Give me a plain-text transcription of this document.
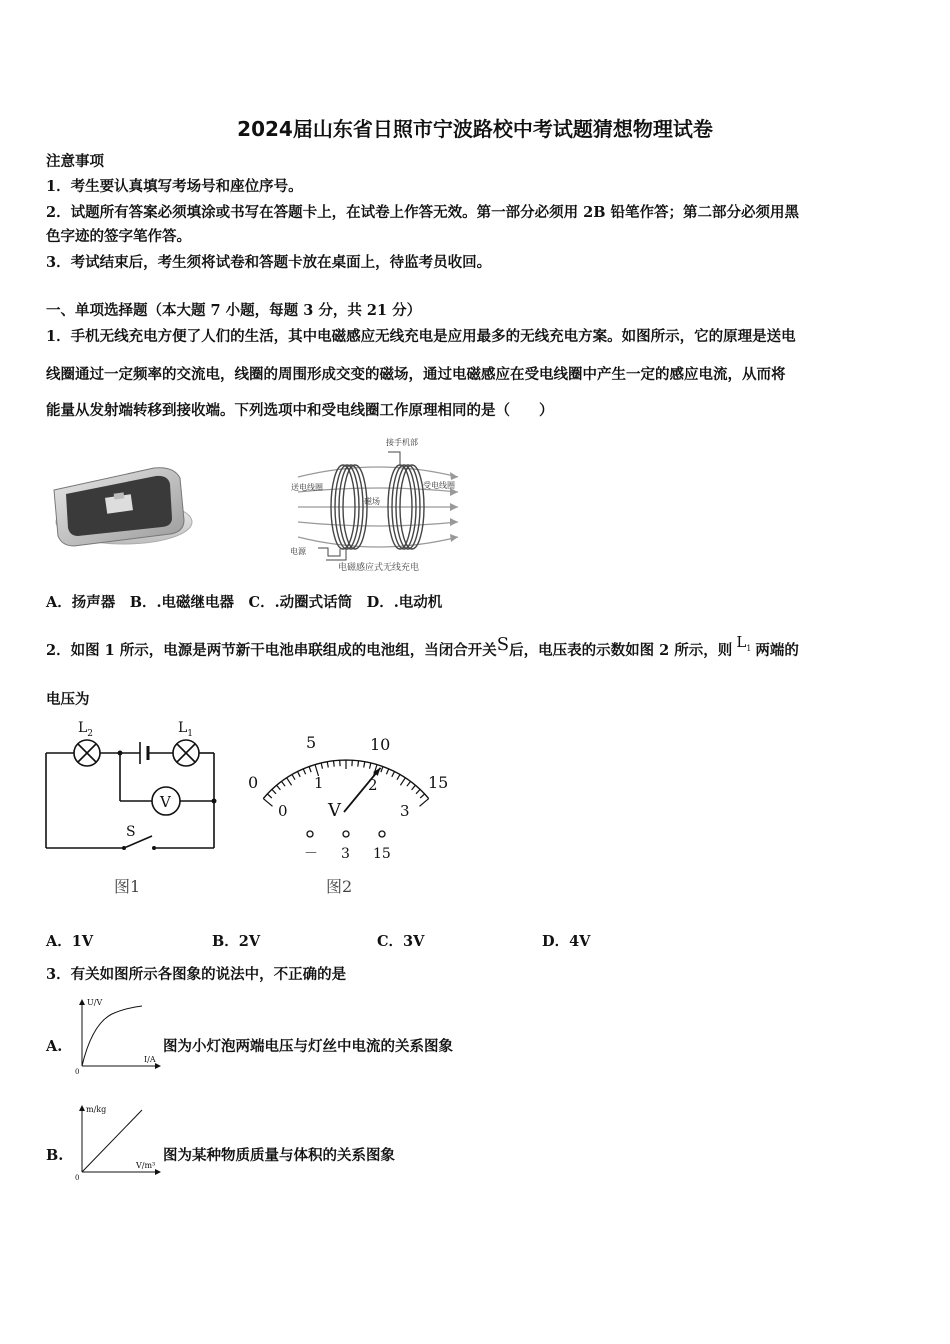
2024届山东省日照市宁波路校中考试题猜想物理试卷
注意事项
1．考生要认真填写考场号和座位序号。
2．试题所有答案必须填涂或书写在答题卡上，在试卷上作答无效。第一部分必须用 2B 铅笔作答；第二部分必须用黑
色字迹的签字笔作答。
3．考试结束后，考生须将试卷和答题卡放在桌面上，待监考员收回。
一、单项选择题（本大题 7 小题，每题 3 分，共 21 分）
1．手机无线充电方便了人们的生活，其中电磁感应无线充电是应用最多的无线充电方案。如图所示，它的原理是送电
线圈通过一定频率的交流电，线圈的周围形成交变的磁场，通过电磁感应在受电线圈中产生一定的感应电流，从而将
能量从发射端转移到接收端。下列选项中和受电线圈工作原理相同的是（　　）
接手机部
送电线圈	受电线圈
磁场
电源
电磁感应式无线充电
A．扬声器　B．.电磁继电器　C．.动圈式话筒　D．.电动机
2．如图 1 所示，电源是两节新干电池串联组成的电池组，当闭合开关S后，电压表的示数如图 2 所示，则 $L_1$ 两端的
电压为
$L_2$	$L_1$
V
S
图1
0
5	10
15
0
1	2
3
V
－ 3 15
图2
A．1V	B．2V	C．3V	D．4V
3．有关如图所示各图象的说法中，不正确的是
A.
U/V
I/A
0
图为小灯泡两端电压与灯丝中电流的关系图象
B.
m/kg
V/m³
0
图为某种物质质量与体积的关系图象
